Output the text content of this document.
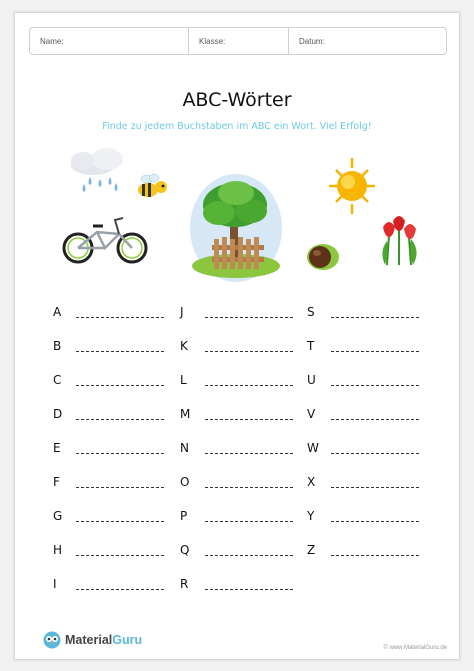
Name:	Klasse:	Datum:
ABC-Wörter
Finde zu jedem Buchstaben im ABC ein Wort. Viel Erfolg!
A
B
C
D
E
F
G
H
I
J
K
L
M
N
O
P
Q
R
S
T
U
V
W
X
Y
Z
MaterialGuru
© www.MaterialGuru.de
